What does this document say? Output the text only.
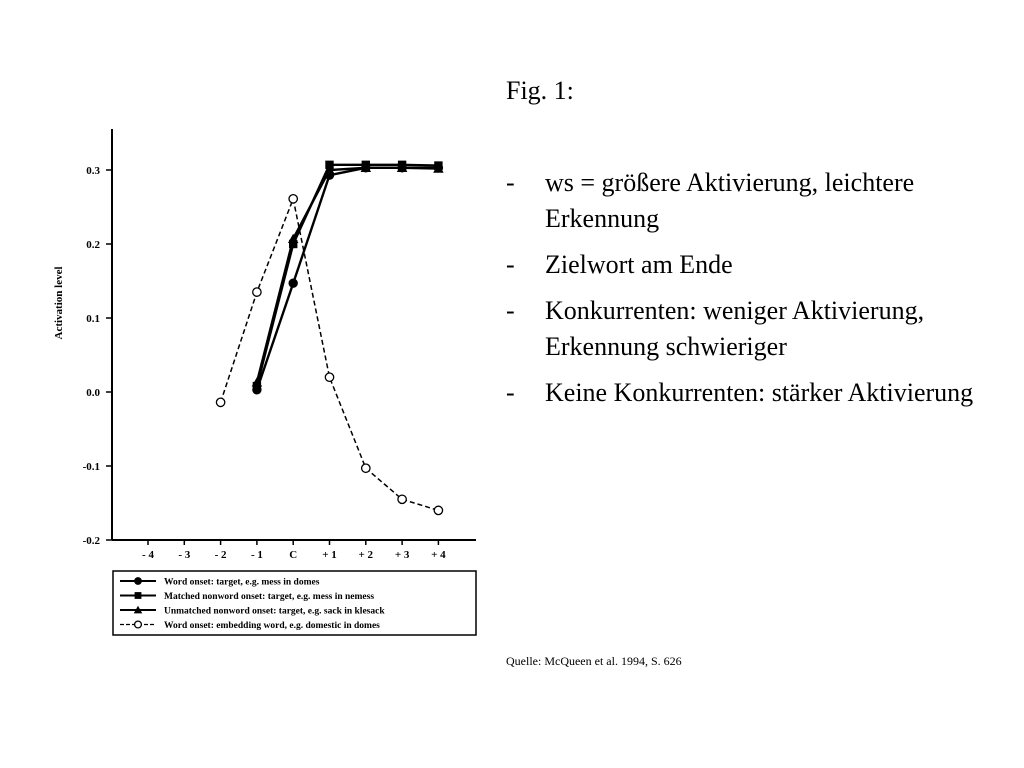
Activation level
0.3
0.2
0.1
0.0
-0.1
-0.2
- 4 - 3 - 2 - 1 C + 1 + 2 + 3 + 4
Word onset: target, e.g. mess in domes
Matched nonword onset: target, e.g. mess in nemess
Unmatched nonword onset: target, e.g. sack in klesack
Word onset: embedding word, e.g. domestic in domes
Fig. 1:
- ws = größere Aktivierung, leichtere Erkennung
- Zielwort am Ende
- Konkurrenten: weniger Aktivierung, Erkennung schwieriger
- Keine Konkurrenten: stärker Aktivierung

Quelle: McQueen et al. 1994, S. 626
